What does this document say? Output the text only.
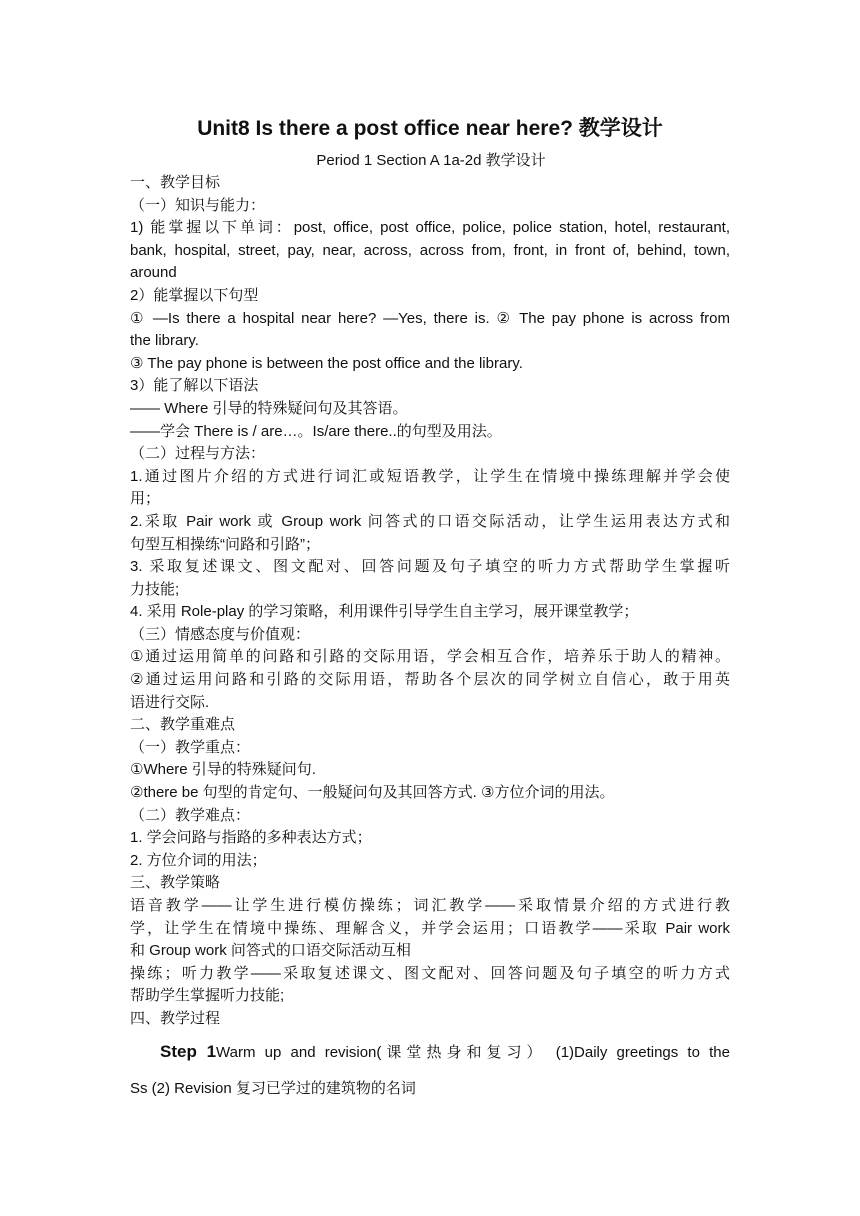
Unit8 Is there a post office near here? 教学设计
Period 1 Section A 1a-2d 教学设计
一、教学目标
（一）知识与能力：
1) 能掌握以下单词：post, office, post office, police, police station, hotel, restaurant,
bank, hospital, street, pay, near, across, across from, front, in front of, behind, town,
around
2）能掌握以下句型
① —Is there a hospital near here? —Yes, there is. ② The pay phone is across from
the library.
③ The pay phone is between the post office and the library.
3）能了解以下语法
—— Where 引导的特殊疑问句及其答语。
——学会 There is / are…。Is/are there..的句型及用法。
（二）过程与方法：
1.通过图片介绍的方式进行词汇或短语教学，让学生在情境中操练理解并学会使
用；
2.采取 Pair work 或 Group work 问答式的口语交际活动，让学生运用表达方式和
句型互相操练“问路和引路”；
3. 采取复述课文、图文配对、回答问题及句子填空的听力方式帮助学生掌握听
力技能;
4. 采用 Role-play 的学习策略，利用课件引导学生自主学习，展开课堂教学；
（三）情感态度与价值观：
①通过运用简单的问路和引路的交际用语，学会相互合作，培养乐于助人的精神。
②通过运用问路和引路的交际用语，帮助各个层次的同学树立自信心，敢于用英
语进行交际.
二、教学重难点
（一）教学重点：
①Where 引导的特殊疑问句.
②there be 句型的肯定句、一般疑问句及其回答方式. ③方位介词的用法。
（二）教学难点：
1. 学会问路与指路的多种表达方式；
2. 方位介词的用法；
三、教学策略
语音教学——让学生进行模仿操练；词汇教学——采取情景介绍的方式进行教
学，让学生在情境中操练、理解含义，并学会运用；口语教学——采取 Pair work
和 Group work 问答式的口语交际活动互相
操练；听力教学——采取复述课文、图文配对、回答问题及句子填空的听力方式
帮助学生掌握听力技能;
四、教学过程
Step 1Warm up and revision(课堂热身和复习） (1)Daily greetings to the
Ss (2) Revision 复习已学过的建筑物的名词
